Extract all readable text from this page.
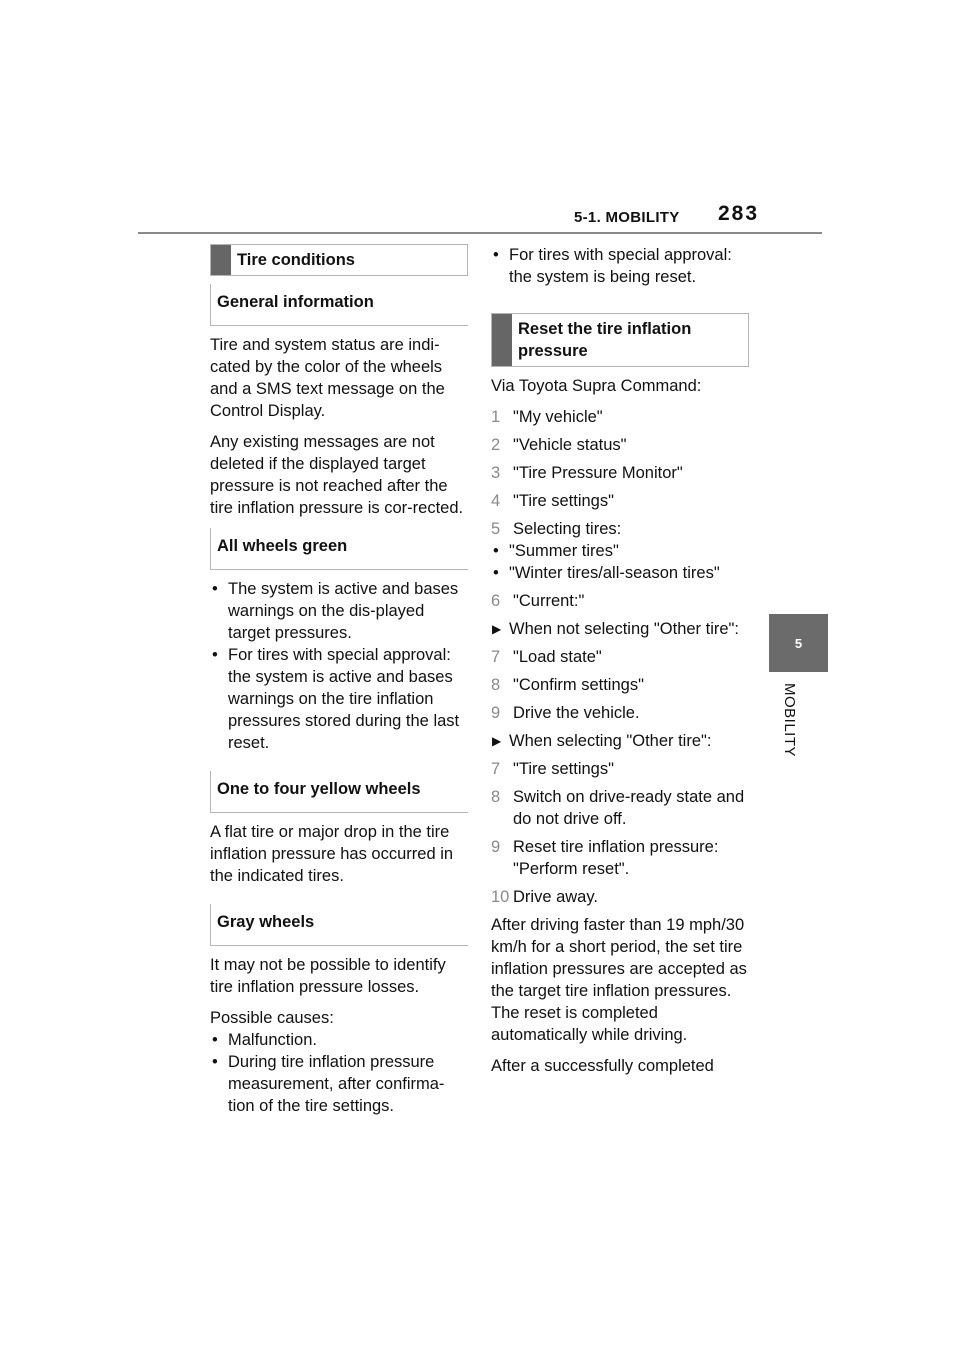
5-1. MOBILITY 283
5
MOBILITY
Tire conditions
General information

Tire and system status are indi-cated by the color of the wheels and a SMS text message on the Control Display.

Any existing messages are not deleted if the displayed target pressure is not reached after the tire inflation pressure is cor-rected.

All wheels green
• The system is active and bases warnings on the dis-played target pressures.
• For tires with special approval: the system is active and bases warnings on the tire inflation pressures stored during the last reset.
One to four yellow wheels

A flat tire or major drop in the tire inflation pressure has occurred in the indicated tires.

Gray wheels

It may not be possible to identify tire inflation pressure losses.

Possible causes:
• Malfunction.
• During tire inflation pressure measurement, after confirma-tion of the tire settings.
• For tires with special approval: the system is being reset.
Reset the tire inflation pressure

Via Toyota Supra Command:

1 "My vehicle"
2 "Vehicle status"
3 "Tire Pressure Monitor"
4 "Tire settings"
5 Selecting tires:
• "Summer tires"
• "Winter tires/all-season tires"
6 "Current:"
▶ When not selecting "Other tire":
7 "Load state"
8 "Confirm settings"
9 Drive the vehicle.
▶ When selecting "Other tire":
7 "Tire settings"
8 Switch on drive-ready state and do not drive off.
9 Reset tire inflation pressure: "Perform reset".
10 Drive away.

After driving faster than 19 mph/30 km/h for a short period, the set tire inflation pressures are accepted as the target tire inflation pressures. The reset is completed automatically while driving.

After a successfully completed
